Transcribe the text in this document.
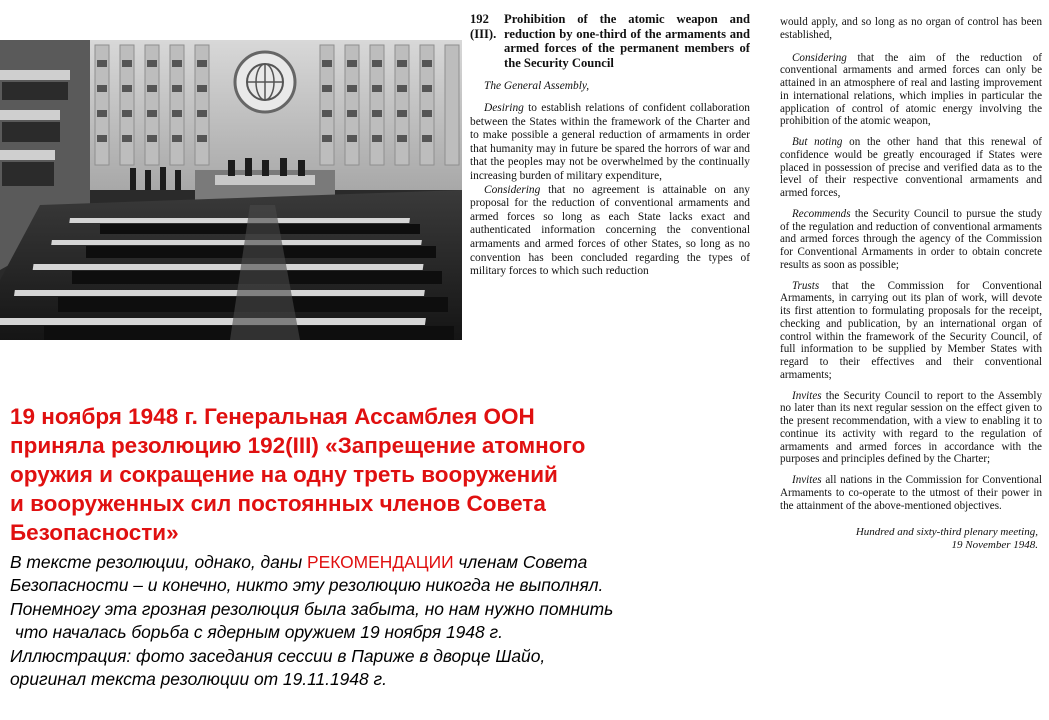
192 (III).
Prohibition of the atomic weapon and reduction by one-third of the armaments and armed forces of the permanent members of the Security Council
The General Assembly,

Desiring to establish relations of confident collaboration between the States within the framework of the Charter and to make possible a general reduction of armaments in order that humanity may in future be spared the horrors of war and that the peoples may not be overwhelmed by the continually increasing burden of military expenditure,

Considering that no agreement is attainable on any proposal for the reduction of conventional armaments and armed forces so long as each State lacks exact and authenticated information concerning the conventional armaments and armed forces of other States, so long as no convention has been concluded regarding the types of military forces to which such reduction

would apply, and so long as no organ of control has been established,

Considering that the aim of the reduction of conventional armaments and armed forces can only be attained in an atmosphere of real and lasting improvement in international relations, which implies in particular the application of control of atomic energy involving the prohibition of the atomic weapon,

But noting on the other hand that this renewal of confidence would be greatly encouraged if States were placed in possession of precise and verified data as to the level of their respective conventional armaments and armed forces,

Recommends the Security Council to pursue the study of the regulation and reduction of conventional armaments and armed forces through the agency of the Commission for Conventional Armaments in order to obtain concrete results as soon as possible;

Trusts that the Commission for Conventional Armaments, in carrying out its plan of work, will devote its first attention to formulating proposals for the receipt, checking and publication, by an international organ of control within the framework of the Security Council, of full information to be supplied by Member States with regard to their effectives and their conventional armaments;

Invites the Security Council to report to the Assembly no later than its next regular session on the effect given to the present recommendation, with a view to enabling it to continue its activity with regard to the regulation of armaments and armed forces in accordance with the purposes and principles defined by the Charter;

Invites all nations in the Commission for Conventional Armaments to co-operate to the utmost of their power in the attainment of the above-mentioned objectives.

Hundred and sixty-third plenary meeting,
19 November 1948.
19 ноября 1948 г. Генеральная Ассамблея ООН
приняла резолюцию 192(III) «Запрещение атомного
оружия и сокращение на одну треть вооружений
и вооруженных сил постоянных членов Совета
Безопасности»
В тексте резолюции, однако, даны РЕКОМЕНДАЦИИ членам Совета
Безопасности – и конечно, никто эту резолюцию никогда не выполнял.
Понемногу эта грозная резолюция была забыта, но нам нужно помнить
что началась борьба с ядерным оружием 19 ноября 1948 г.
Иллюстрация: фото заседания сессии в Париже в дворце Шайо,
оригинал текста резолюции от 19.11.1948 г.
